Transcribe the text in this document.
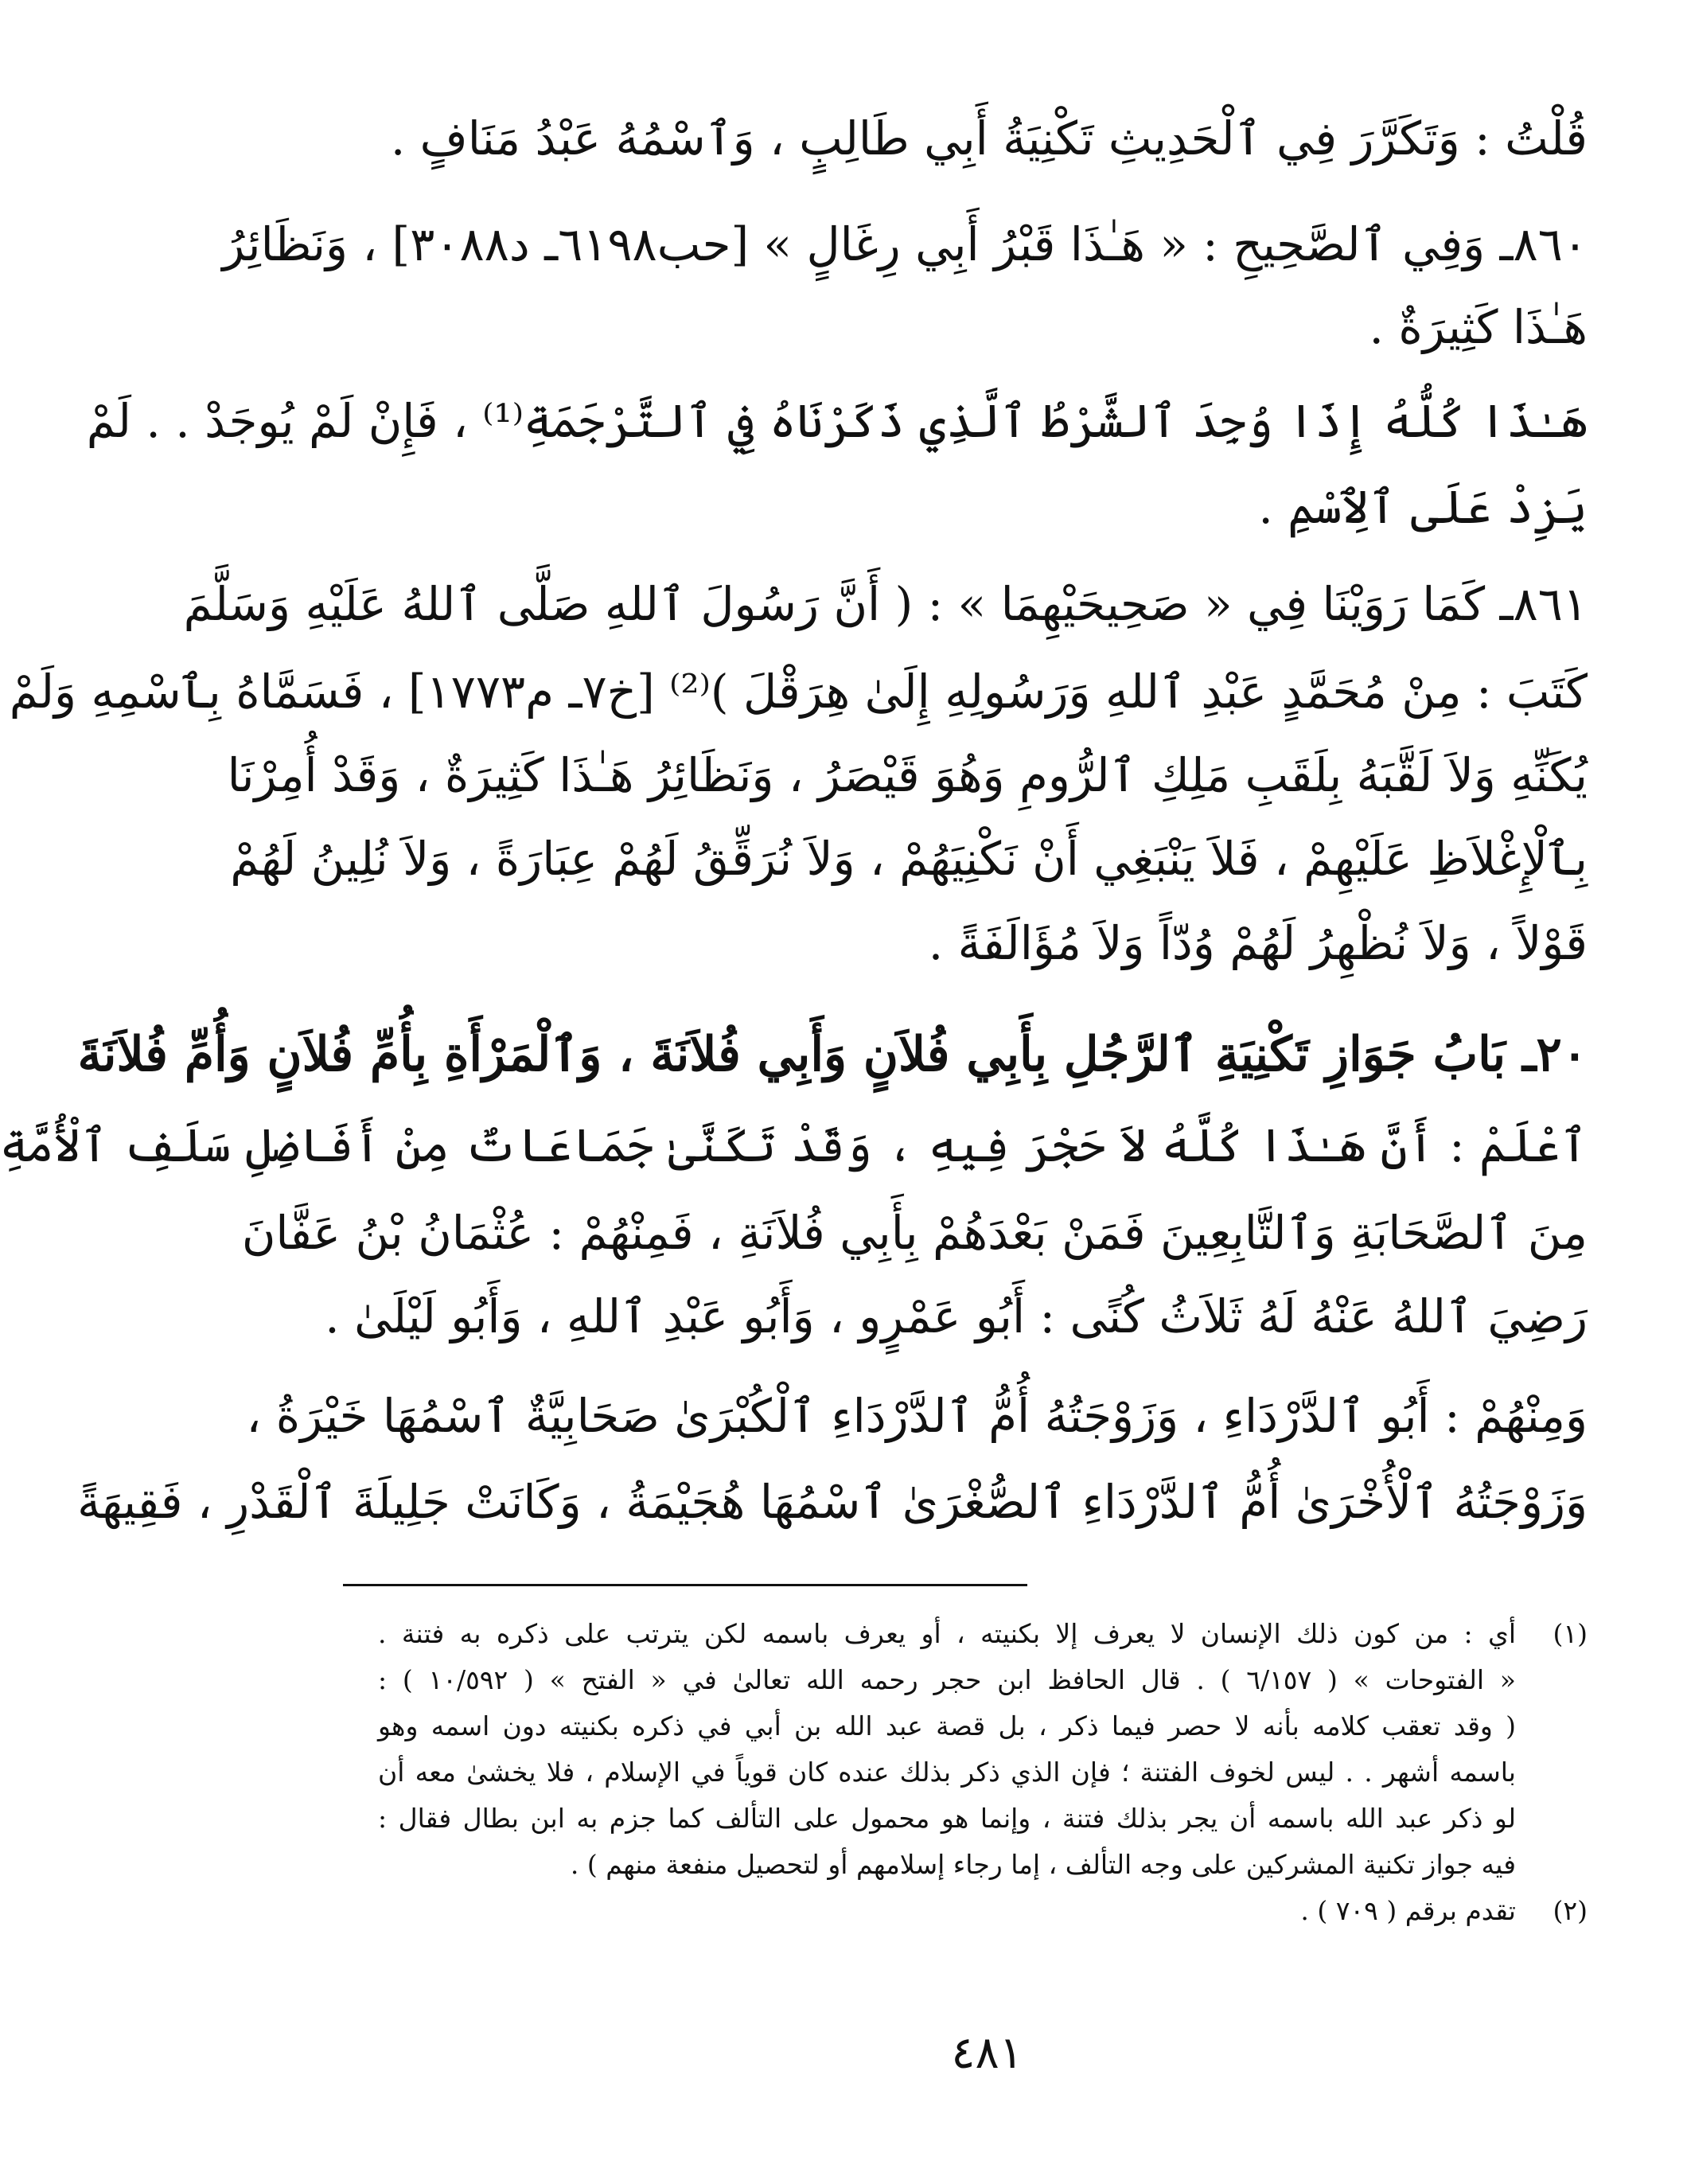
قُلْتُ : وَتَكَرَّرَ فِي ٱلْحَدِيثِ تَكْنِيَةُ أَبِي طَالِبٍ ، وَٱسْمُهُ عَبْدُ مَنَافٍ .
٨٦٠ـ وَفِي ٱلصَّحِيحِ : « هَـٰذَا قَبْرُ أَبِي رِغَالٍ » [حب٦١٩٨ـ د٣٠٨٨] ، وَنَظَائِرُ
هَـٰذَا كَثِيرَةٌ .
هَـٰذَا كُلُّهُ إِذَا وُجِدَ ٱلشَّرْطُ ٱلَّذِي ذَكَرْنَاهُ فِي ٱلتَّرْجَمَةِ⁽¹⁾ ، فَإِنْ لَمْ يُوجَدْ . . لَمْ
يَزِدْ عَلَى ٱلِٱسْمِ .
٨٦١ـ كَمَا رَوَيْنَا فِي « صَحِيحَيْهِمَا » : ( أَنَّ رَسُولَ ٱللهِ صَلَّى ٱللهُ عَلَيْهِ وَسَلَّمَ
كَتَبَ : مِنْ مُحَمَّدٍ عَبْدِ ٱللهِ وَرَسُولِهِ إِلَىٰ هِرَقْلَ )⁽²⁾ [خ٧ـ م١٧٧٣] ، فَسَمَّاهُ بِٱسْمِهِ وَلَمْ
يُكَنِّهِ وَلاَ لَقَّبَهُ بِلَقَبِ مَلِكِ ٱلرُّومِ وَهُوَ قَيْصَرُ ، وَنَظَائِرُ هَـٰذَا كَثِيرَةٌ ، وَقَدْ أُمِرْنَا
بِٱلْإِغْلاَظِ عَلَيْهِمْ ، فَلاَ يَنْبَغِي أَنْ نَكْنِيَهُمْ ، وَلاَ نُرَقِّقُ لَهُمْ عِبَارَةً ، وَلاَ نُلِينُ لَهُمْ
قَوْلاً ، وَلاَ نُظْهِرُ لَهُمْ وُدّاً وَلاَ مُؤَالَفَةً .
٢٠ـ بَابُ جَوَازِ تَكْنِيَةِ ٱلرَّجُلِ بِأَبِي فُلاَنٍ وَأَبِي فُلاَنَةَ ، وَٱلْمَرْأَةِ بِأُمِّ فُلاَنٍ وَأُمِّ فُلاَنَةَ
ٱعْلَمْ : أَنَّ هَـٰذَا كُلَّهُ لاَ حَجْرَ فِيهِ ، وَقَدْ تَكَنَّىٰ جَمَاعَاتٌ مِنْ أَفَاضِلِ سَلَفِ ٱلْأُمَّةِ
مِنَ ٱلصَّحَابَةِ وَٱلتَّابِعِينَ فَمَنْ بَعْدَهُمْ بِأَبِي فُلاَنَةِ ، فَمِنْهُمْ : عُثْمَانُ بْنُ عَفَّانَ
رَضِيَ ٱللهُ عَنْهُ لَهُ ثَلاَثُ كُنًى : أَبُو عَمْرٍو ، وَأَبُو عَبْدِ ٱللهِ ، وَأَبُو لَيْلَىٰ .
وَمِنْهُمْ : أَبُو ٱلدَّرْدَاءِ ، وَزَوْجَتُهُ أُمُّ ٱلدَّرْدَاءِ ٱلْكُبْرَىٰ صَحَابِيَّةٌ ٱسْمُهَا خَيْرَةُ ،
وَزَوْجَتُهُ ٱلْأُخْرَىٰ أُمُّ ٱلدَّرْدَاءِ ٱلصُّغْرَىٰ ٱسْمُهَا هُجَيْمَةُ ، وَكَانَتْ جَلِيلَةَ ٱلْقَدْرِ ، فَقِيهَةً
(١)
أي : من كون ذلك الإنسان لا يعرف إلا بكنيته ، أو يعرف باسمه لكن يترتب على ذكره به فتنة .
« الفتوحات » ( ٦/١٥٧ ) . قال الحافظ ابن حجر رحمه الله تعالىٰ في « الفتح » ( ١٠/٥٩٢ ) :
( وقد تعقب كلامه بأنه لا حصر فيما ذكر ، بل قصة عبد الله بن أبي في ذكره بكنيته دون اسمه وهو
باسمه أشهر . . ليس لخوف الفتنة ؛ فإن الذي ذكر بذلك عنده كان قوياً في الإسلام ، فلا يخشىٰ معه أن
لو ذكر عبد الله باسمه أن يجر بذلك فتنة ، وإنما هو محمول على التألف كما جزم به ابن بطال فقال :
فيه جواز تكنية المشركين على وجه التألف ، إما رجاء إسلامهم أو لتحصيل منفعة منهم ) .
(٢)
تقدم برقم ( ٧٠٩ ) .
٤٨١
